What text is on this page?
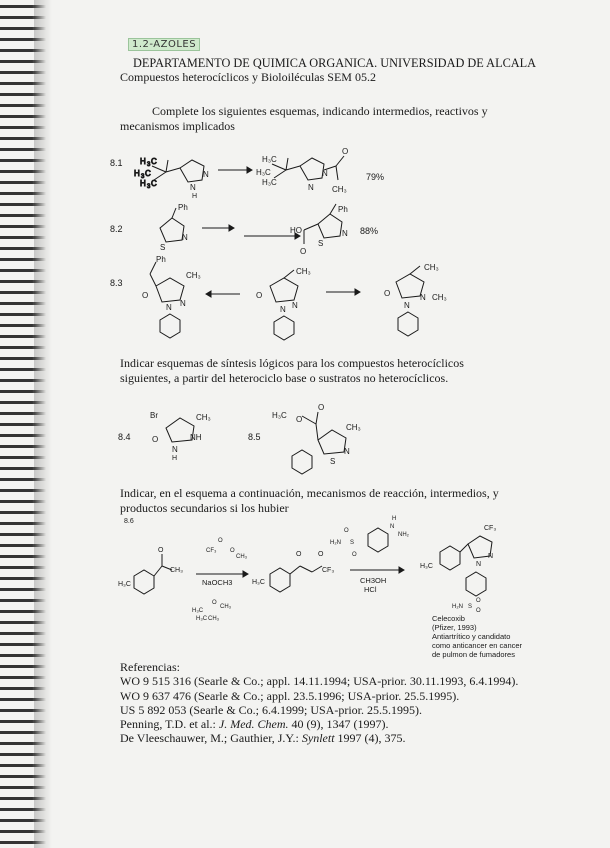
1.2-AZOLES
DEPARTAMENTO DE QUIMICA ORGANICA. UNIVERSIDAD DE ALCALA
Compuestos heterocíclicos y Bioloiléculas SEM 05.2
Complete los siguientes esquemas, indicando intermedios, reactivos y mecanismos implicados
8.1
79%
8.2	88%
8.3
H 3 C
H 3 C
H 3 C
N
N
H
H₃C
H₃C
H₃C
N
N
O
CH₃
Ph
N
S
Ph
N
S
HO
O
Ph
CH₃
O
N
N
CH₃
O
N
N
CH₃
O	N CH₃
N
Br	CH₃
O	NH
N
H
O
O
H₃C
CH₃
N
S
O
CH₃
H₃C
CF₃
O
O
CH₃
H₃C
H₃C
O
CH₃
CH₃
O O
CF₃
H₃C
H₂N S
O
O
H
N
NH₂
CF₃
N
N
S
H₂N
O
O
H₃C
Indicar esquemas de síntesis lógicos para los compuestos heterocíclicos siguientes, a partir del heterociclo base o sustratos no heterocíclicos.
8.4	8.5
Indicar, en el esquema a continuación, mecanismos de reacción, intermedios, y productos secundarios si los hubier
8.6
NaOCH3	CH3OH
HCl
Celecoxib
(Pfizer, 1993)
Antiartrítico y candidato
como anticancer en cancer
de pulmon de fumadores
Referencias:
WO 9 515 316 (Searle & Co.; appl. 14.11.1994; USA-prior. 30.11.1993, 6.4.1994).
WO 9 637 476 (Searle & Co.; appl. 23.5.1996; USA-prior. 25.5.1995).
US 5 892 053 (Searle & Co.; 6.4.1999; USA-prior. 25.5.1995).
Penning, T.D. et al.: J. Med. Chem. 40 (9), 1347 (1997).
De Vleeschauwer, M.; Gauthier, J.Y.: Synlett 1997 (4), 375.
